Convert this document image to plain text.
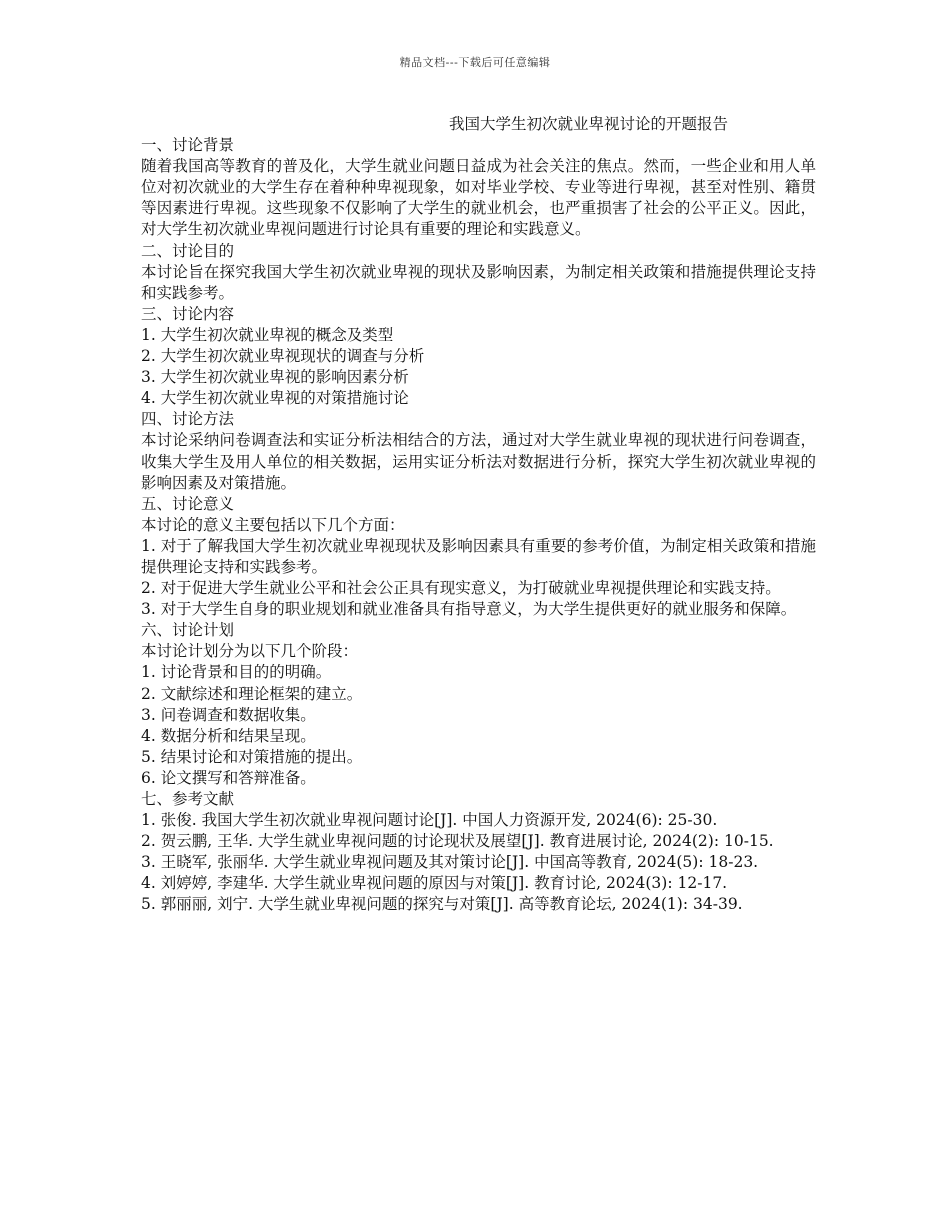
精品文档---下载后可任意编辑
我国大学生初次就业卑视讨论的开题报告
一、讨论背景

随着我国高等教育的普及化，大学生就业问题日益成为社会关注的焦点。然而，一些企业和用人单位对初次就业的大学生存在着种种卑视现象，如对毕业学校、专业等进行卑视，甚至对性别、籍贯等因素进行卑视。这些现象不仅影响了大学生的就业机会，也严重损害了社会的公平正义。因此，对大学生初次就业卑视问题进行讨论具有重要的理论和实践意义。

二、讨论目的

本讨论旨在探究我国大学生初次就业卑视的现状及影响因素，为制定相关政策和措施提供理论支持和实践参考。

三、讨论内容

1. 大学生初次就业卑视的概念及类型

2. 大学生初次就业卑视现状的调查与分析

3. 大学生初次就业卑视的影响因素分析

4. 大学生初次就业卑视的对策措施讨论

四、讨论方法

本讨论采纳问卷调查法和实证分析法相结合的方法，通过对大学生就业卑视的现状进行问卷调查，收集大学生及用人单位的相关数据，运用实证分析法对数据进行分析，探究大学生初次就业卑视的影响因素及对策措施。

五、讨论意义

本讨论的意义主要包括以下几个方面：

1. 对于了解我国大学生初次就业卑视现状及影响因素具有重要的参考价值，为制定相关政策和措施提供理论支持和实践参考。

2. 对于促进大学生就业公平和社会公正具有现实意义，为打破就业卑视提供理论和实践支持。

3. 对于大学生自身的职业规划和就业准备具有指导意义，为大学生提供更好的就业服务和保障。

六、讨论计划

本讨论计划分为以下几个阶段：

1. 讨论背景和目的的明确。

2. 文献综述和理论框架的建立。

3. 问卷调查和数据收集。

4. 数据分析和结果呈现。

5. 结果讨论和对策措施的提出。

6. 论文撰写和答辩准备。

七、参考文献

1. 张俊. 我国大学生初次就业卑视问题讨论[J]. 中国人力资源开发, 2024(6): 25-30.

2. 贺云鹏, 王华. 大学生就业卑视问题的讨论现状及展望[J]. 教育进展讨论, 2024(2): 10-15.

3. 王晓军, 张丽华. 大学生就业卑视问题及其对策讨论[J]. 中国高等教育, 2024(5): 18-23.

4. 刘婷婷, 李建华. 大学生就业卑视问题的原因与对策[J]. 教育讨论, 2024(3): 12-17.

5. 郭丽丽, 刘宁. 大学生就业卑视问题的探究与对策[J]. 高等教育论坛, 2024(1): 34-39.
